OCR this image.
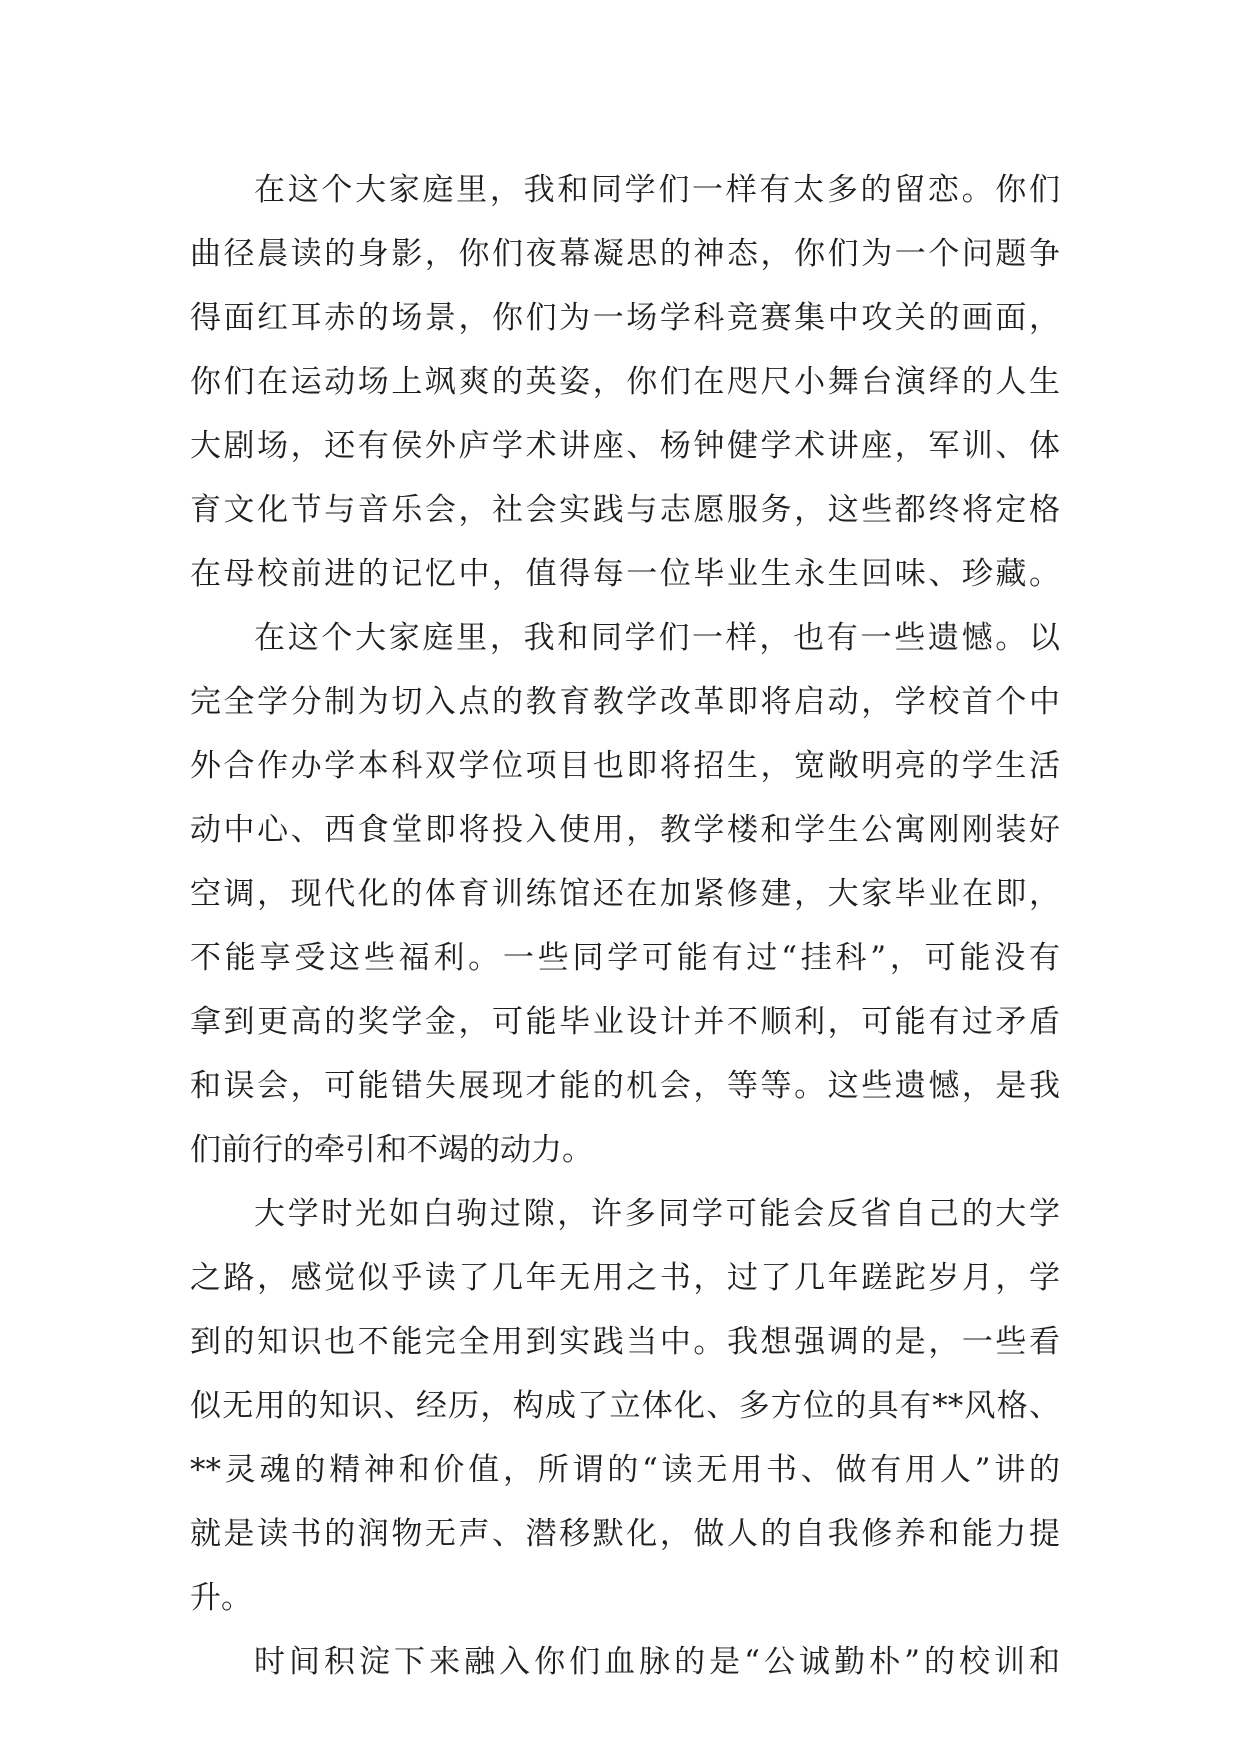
在这个大家庭里，我和同学们一样有太多的留恋。你们
曲径晨读的身影，你们夜幕凝思的神态，你们为一个问题争
得面红耳赤的场景，你们为一场学科竞赛集中攻关的画面，
你们在运动场上飒爽的英姿，你们在咫尺小舞台演绎的人生
大剧场，还有侯外庐学术讲座、杨钟健学术讲座，军训、体
育文化节与音乐会，社会实践与志愿服务，这些都终将定格
在母校前进的记忆中，值得每一位毕业生永生回味、珍藏。
在这个大家庭里，我和同学们一样，也有一些遗憾。以
完全学分制为切入点的教育教学改革即将启动，学校首个中
外合作办学本科双学位项目也即将招生，宽敞明亮的学生活
动中心、西食堂即将投入使用，教学楼和学生公寓刚刚装好
空调，现代化的体育训练馆还在加紧修建，大家毕业在即，
不能享受这些福利。一些同学可能有过“挂科”，可能没有
拿到更高的奖学金，可能毕业设计并不顺利，可能有过矛盾
和误会，可能错失展现才能的机会，等等。这些遗憾，是我
们前行的牵引和不竭的动力。
大学时光如白驹过隙，许多同学可能会反省自己的大学
之路，感觉似乎读了几年无用之书，过了几年蹉跎岁月，学
到的知识也不能完全用到实践当中。我想强调的是，一些看
似无用的知识、经历，构成了立体化、多方位的具有**风格、
**灵魂的精神和价值，所谓的“读无用书、做有用人”讲的
就是读书的润物无声、潜移默化，做人的自我修养和能力提
升。
时间积淀下来融入你们血脉的是“公诚勤朴”的校训和
